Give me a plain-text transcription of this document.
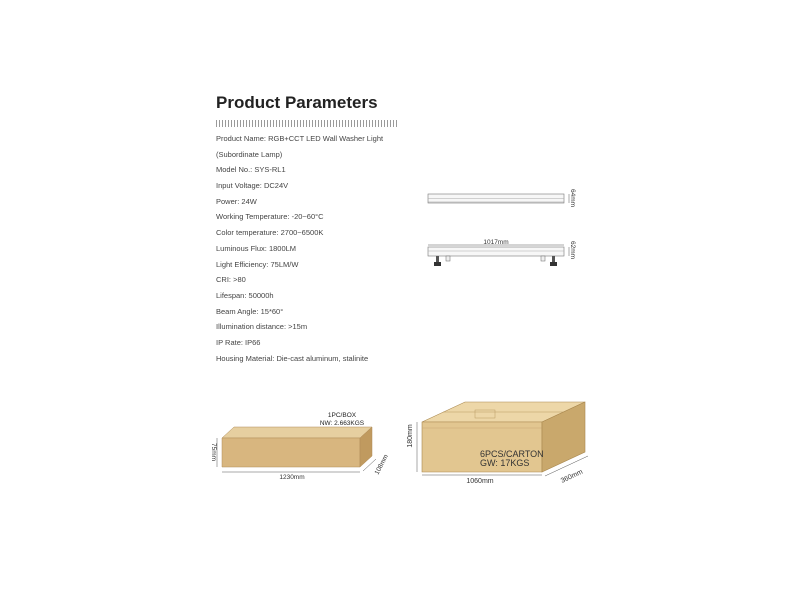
Product Parameters
Product Name: RGB+CCT LED Wall Washer Light
(Subordinate Lamp)
Model No.: SYS-RL1
Input Voltage: DC24V
Power: 24W
Working Temperature: -20~60°C
Color temperature: 2700~6500K
Luminous Flux: 1800LM
Light Efficiency: 75LM/W
CRI: >80
Lifespan: 50000h
Beam Angle: 15*60°
Illumination distance: >15m
IP Rate: IP66
Housing Material: Die-cast aluminum, stalinite
64mm
1017mm	62mm
1PC/BOX
NW: 2.663KGS
75mm
1230mm
108mm	6PCS/CARTON
GW: 17KGS
180mm
1060mm	360mm
